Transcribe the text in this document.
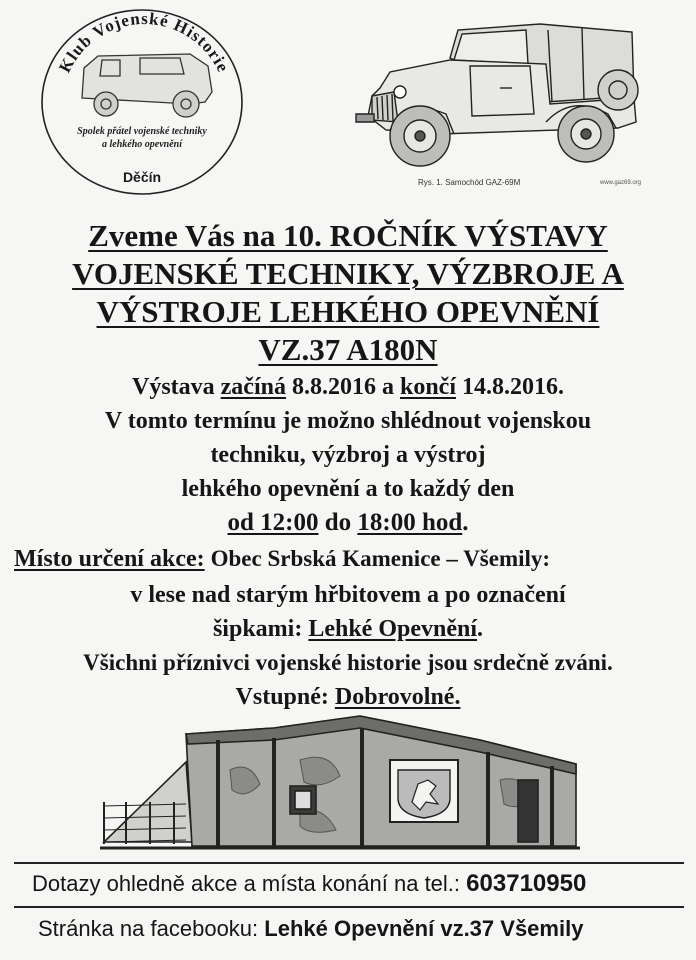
Klub Vojenské Historie
Spolek přátel vojenské techniky
a lehkého opevnění
Děčín	Rys. 1. Samochód GAZ-69M	www.gaz69.org
Zveme Vás na 10. ROČNÍK VÝSTAVY
VOJENSKÉ TECHNIKY, VÝZBROJE A
VÝSTROJE LEHKÉHO OPEVNĚNÍ
VZ.37 A180N
Výstava začíná 8.8.2016 a končí 14.8.2016.
V tomto termínu je možno shlédnout vojenskou
techniku, výzbroj a výstroj
lehkého opevnění a to každý den
od 12:00 do 18:00 hod.
Místo určení akce: Obec Srbská Kamenice – Všemily:
v lese nad starým hřbitovem a po označení
šipkami: Lehké Opevnění.
Všichni příznivci vojenské historie jsou srdečně zváni.
Vstupné: Dobrovolné.
Dotazy ohledně akce a místa konání na tel.: 603710950
Stránka na facebooku: Lehké Opevnění vz.37 Všemily
